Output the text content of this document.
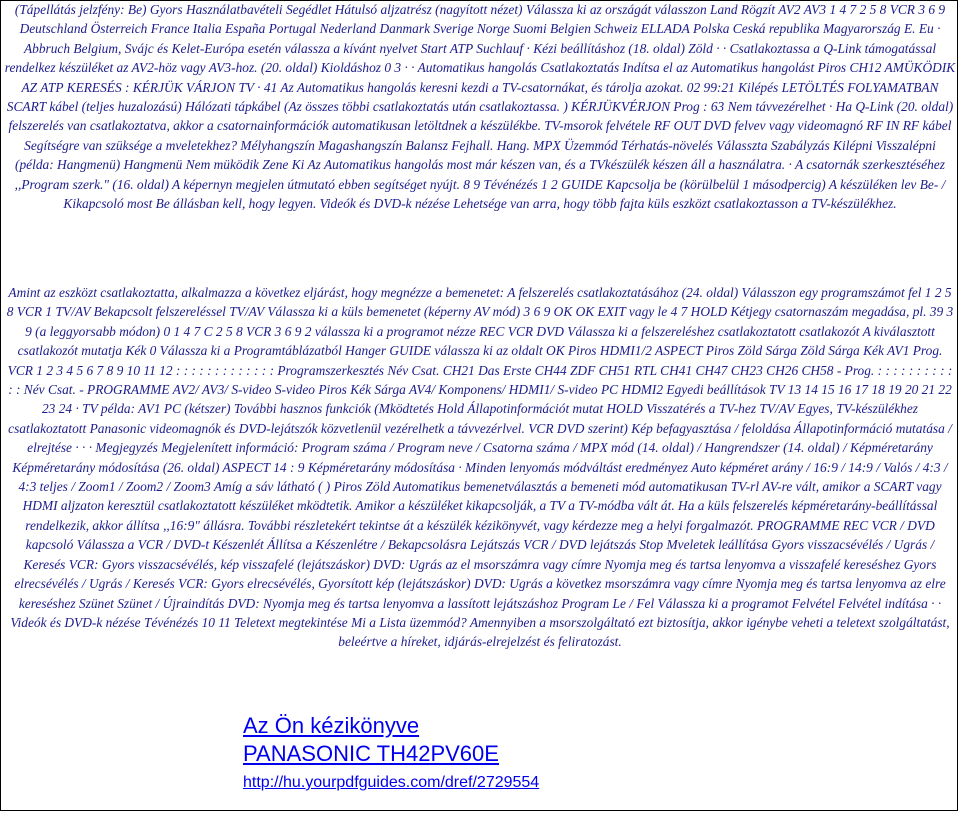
(Tápellátás jelzfény: Be) Gyors Használatbavételi Segédlet Hátulsó aljzatrész (nagyított nézet) Válassza ki az országát válasszon Land Rögzít AV2 AV3 1 4 7 2 5 8 VCR 3 6 9 Deutschland Österreich France Italia España Portugal Nederland Danmark Sverige Norge Suomi Belgien Schweiz ELLADA Polska Ceská republika Magyarország E. Eu · Abbruch Belgium, Svájc és Kelet-Európa esetén válassza a kívánt nyelvet Start ATP Suchlauf · Kézi beállításhoz (18. oldal) Zöld · · Csatlakoztassa a Q-Link támogatással rendelkez készüléket az AV2-höz vagy AV3-hoz. (20. oldal) Kioldáshoz 0 3 · · Automatikus hangolás Csatlakoztatás Indítsa el az Automatikus hangolást Piros CH12 AMÜKÖDIK AZ ATP KERESÉS : KÉRJÜK VÁRJON TV · 41 Az Automatikus hangolás keresni kezdi a TV-csatornákat, és tárolja azokat. 02 99:21 Kilépés LETÖLTÉS FOLYAMATBAN SCART kábel (teljes huzalozású) Hálózati tápkábel (Az összes többi csatlakoztatás után csatlakoztassa. ) KÉRJÜKVÉRJON Prog : 63 Nem távvezérelhet · Ha Q-Link (20. oldal) felszerelés van csatlakoztatva, akkor a csatornainformációk automatikusan letöltdnek a készülékbe. TV-msorok felvétele RF OUT DVD felvev vagy videomagnó RF IN RF kábel Segítségre van szüksége a mveletekhez? Mélyhangszín Magashangszín Balansz Fejhall. Hang. MPX Üzemmód Térhatás-növelés Válasszta Szabályzás Kilépni Visszalépni (példa: Hangmenü) Hangmenü Nem müködik Zene Ki Az Automatikus hangolás most már készen van, és a TVkészülék készen áll a használatra. · A csatornák szerkesztéséhez ,,Program szerk." (16. oldal) A képernyn megjelen útmutató ebben segítséget nyújt. 8 9 Tévénézés 1 2 GUIDE Kapcsolja be (körülbelül 1 másodpercig) A készüléken lev Be- / Kikapcsoló most Be állásban kell, hogy legyen. Videók és DVD-k nézése Lehetsége van arra, hogy több fajta küls eszközt csatlakoztasson a TV-készülékhez.

Amint az eszközt csatlakoztatta, alkalmazza a következ eljárást, hogy megnézze a bemenetet: A felszerelés csatlakoztatásához (24. oldal) Válasszon egy programszámot fel 1 2 5 8 VCR 1 TV/AV Bekapcsolt felszereléssel TV/AV Válassza ki a küls bemenetet (képerny AV mód) 3 6 9 OK OK EXIT vagy le 4 7 HOLD Kétjegy csatornaszám megadása, pl. 39 3 9 (a leggyorsabb módon) 0 1 4 7 C 2 5 8 VCR 3 6 9 2 válassza ki a programot nézze REC VCR DVD Válassza ki a felszereléshez csatlakoztatott csatlakozót A kiválasztott csatlakozót mutatja Kék 0 Válassza ki a Programtáblázatból Hanger GUIDE válassza ki az oldalt OK Piros HDMI1/2 ASPECT Piros Zöld Sárga Zöld Sárga Kék AV1 Prog. VCR 1 2 3 4 5 6 7 8 9 10 11 12 : : : : : : : : : : : : : Programszerkesztés Név Csat. CH21 Das Erste CH44 ZDF CH51 RTL CH41 CH47 CH23 CH26 CH58 - Prog. : : : : : : : : : : : : Név Csat. - PROGRAMME AV2/ AV3/ S-video S-video Piros Kék Sárga AV4/ Komponens/ HDMI1/ S-video PC HDMI2 Egyedi beállítások TV 13 14 15 16 17 18 19 20 21 22 23 24 · TV példa: AV1 PC (kétszer) További hasznos funkciók (Mködtetés Hold Állapotinformációt mutat HOLD Visszatérés a TV-hez TV/AV Egyes, TV-készülékhez csatlakoztatott Panasonic videomagnók és DVD-lejátszók közvetlenül vezérelhetk a távvezérlvel. VCR DVD szerint) Kép befagyasztása / feloldása Állapotinformáció mutatása / elrejtése · · · Megjegyzés Megjelenített információ: Program száma / Program neve / Csatorna száma / MPX mód (14. oldal) / Hangrendszer (14. oldal) / Képméretarány Képméretarány módosítása (26. oldal) ASPECT 14 : 9 Képméretarány módosítása · Minden lenyomás módváltást eredményez Auto képméret arány / 16:9 / 14:9 / Valós / 4:3 / 4:3 teljes / Zoom1 / Zoom2 / Zoom3 Amíg a sáv látható ( ) Piros Zöld Automatikus bemenetválasztás a bemeneti mód automatikusan TV-rl AV-re vált, amikor a SCART vagy HDMI aljzaton keresztül csatlakoztatott készüléket mködtetik. Amikor a készüléket kikapcsolják, a TV a TV-módba vált át. Ha a küls felszerelés képméretarány-beállítással rendelkezik, akkor állítsa ,,16:9" állásra. További részletekért tekintse át a készülék kézikönyvét, vagy kérdezze meg a helyi forgalmazót. PROGRAMME REC VCR / DVD kapcsoló Válassza a VCR / DVD-t Készenlét Állítsa a Készenlétre / Bekapcsolásra Lejátszás VCR / DVD lejátszás Stop Mveletek leállítása Gyors visszacsévélés / Ugrás / Keresés VCR: Gyors visszacsévélés, kép visszafelé (lejátszáskor) DVD: Ugrás az el msorszámra vagy címre Nyomja meg és tartsa lenyomva a visszafelé kereséshez Gyors elrecsévélés / Ugrás / Keresés VCR: Gyors elrecsévélés, Gyorsított kép (lejátszáskor) DVD: Ugrás a következ msorszámra vagy címre Nyomja meg és tartsa lenyomva az elre kereséshez Szünet Szünet / Újraindítás DVD: Nyomja meg és tartsa lenyomva a lassított lejátszáshoz Program Le / Fel Válassza ki a programot Felvétel Felvétel indítása · · Videók és DVD-k nézése Tévénézés 10 11 Teletext megtekintése Mi a Lista üzemmód? Amennyiben a msorszolgáltató ezt biztosítja, akkor igénybe veheti a teletext szolgáltatást, beleértve a híreket, idjárás-elrejelzést és feliratozást.

Az Ön kézikönyve
PANASONIC TH42PV60E
http://hu.yourpdfguides.com/dref/2729554
